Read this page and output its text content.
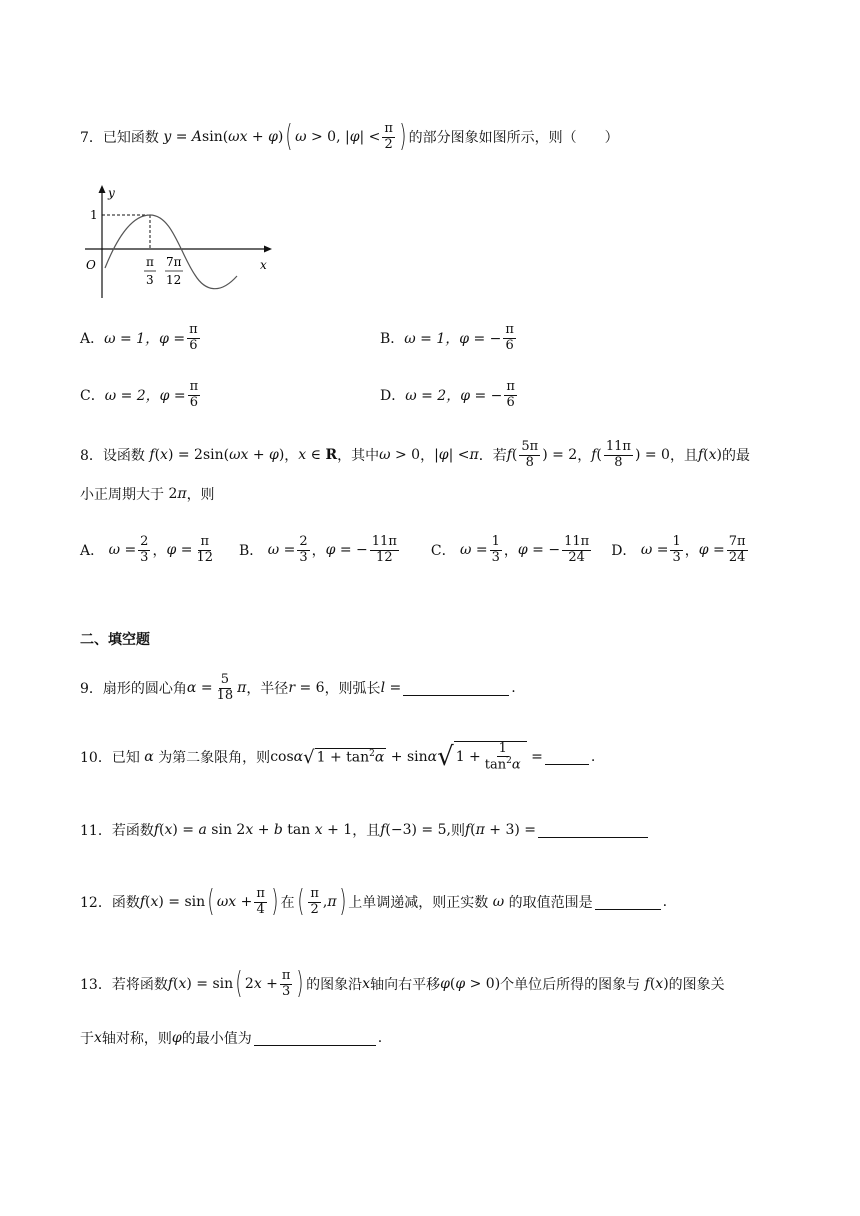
7． 已知函数 y = A sin( ωx + φ ) ( ω > 0, | φ | < $\frac{\pi}{2}$ ) 的部分图象如图所示，则（　　）
y
x
O
1
π
3
7π
12
A． ω = 1，$\varphi = \frac{\pi}{6}$	B． ω = 1，φ = − $\frac{\pi}{6}$
C． ω = 2，$\varphi = \frac{\pi}{6}$	D． ω = 2，φ = − $\frac{\pi}{6}$
8．设函数 f ( x ) = 2sin( ωx + φ ) ， x ∈ R ，其中 ω > 0 ， | φ | < π ．若 f ( $\frac{5\pi}{8}$ ) = 2 ， f ( $\frac{11\pi}{8}$ ) = 0 ，且 f ( x ) 的最
小正周期大于 2 π ，则
A． $\omega = \frac{2}{3}$ ， $\varphi = \frac{\pi}{12}$ B． $\omega = \frac{2}{3}$ ， φ = − $\frac{11\pi}{12}$ C． $\omega = \frac{1}{3}$ ， φ = − $\frac{11\pi}{24}$ D． $\omega = \frac{1}{3}$ ， $\varphi = \frac{7\pi}{24}$
二、填空题
9．扇形的圆心角 $\alpha = \frac{5}{18}$ π ，半径 r = 6 ，则弧长 l =	.
10．已知 α 为第二象限角，则 cos α √ $1 + \tan^2\alpha + \sin \alpha$ √ $1 + \frac{1}{\tan^2\alpha}$ =	.
11．若函数 f ( x ) = a sin 2 x + b tan x + 1 ，且 f (−3) = 5, 则 f ( π + 3) =
12．函数 f ( x ) = sin ( $\omega x + \frac{\pi}{4}$ ) 在 ( $\frac{\pi}{2}$ , π ) 上单调递减，则正实数 ω 的取值范围是	.
13．若将函数 f ( x ) = sin ( 2 $x + \frac{\pi}{3}$ ) 的图象沿 x 轴向右平移 φ ( φ > 0) 个单位后所得的图象与 f ( x ) 的图象关
于 x 轴对称，则 φ 的最小值为	.
